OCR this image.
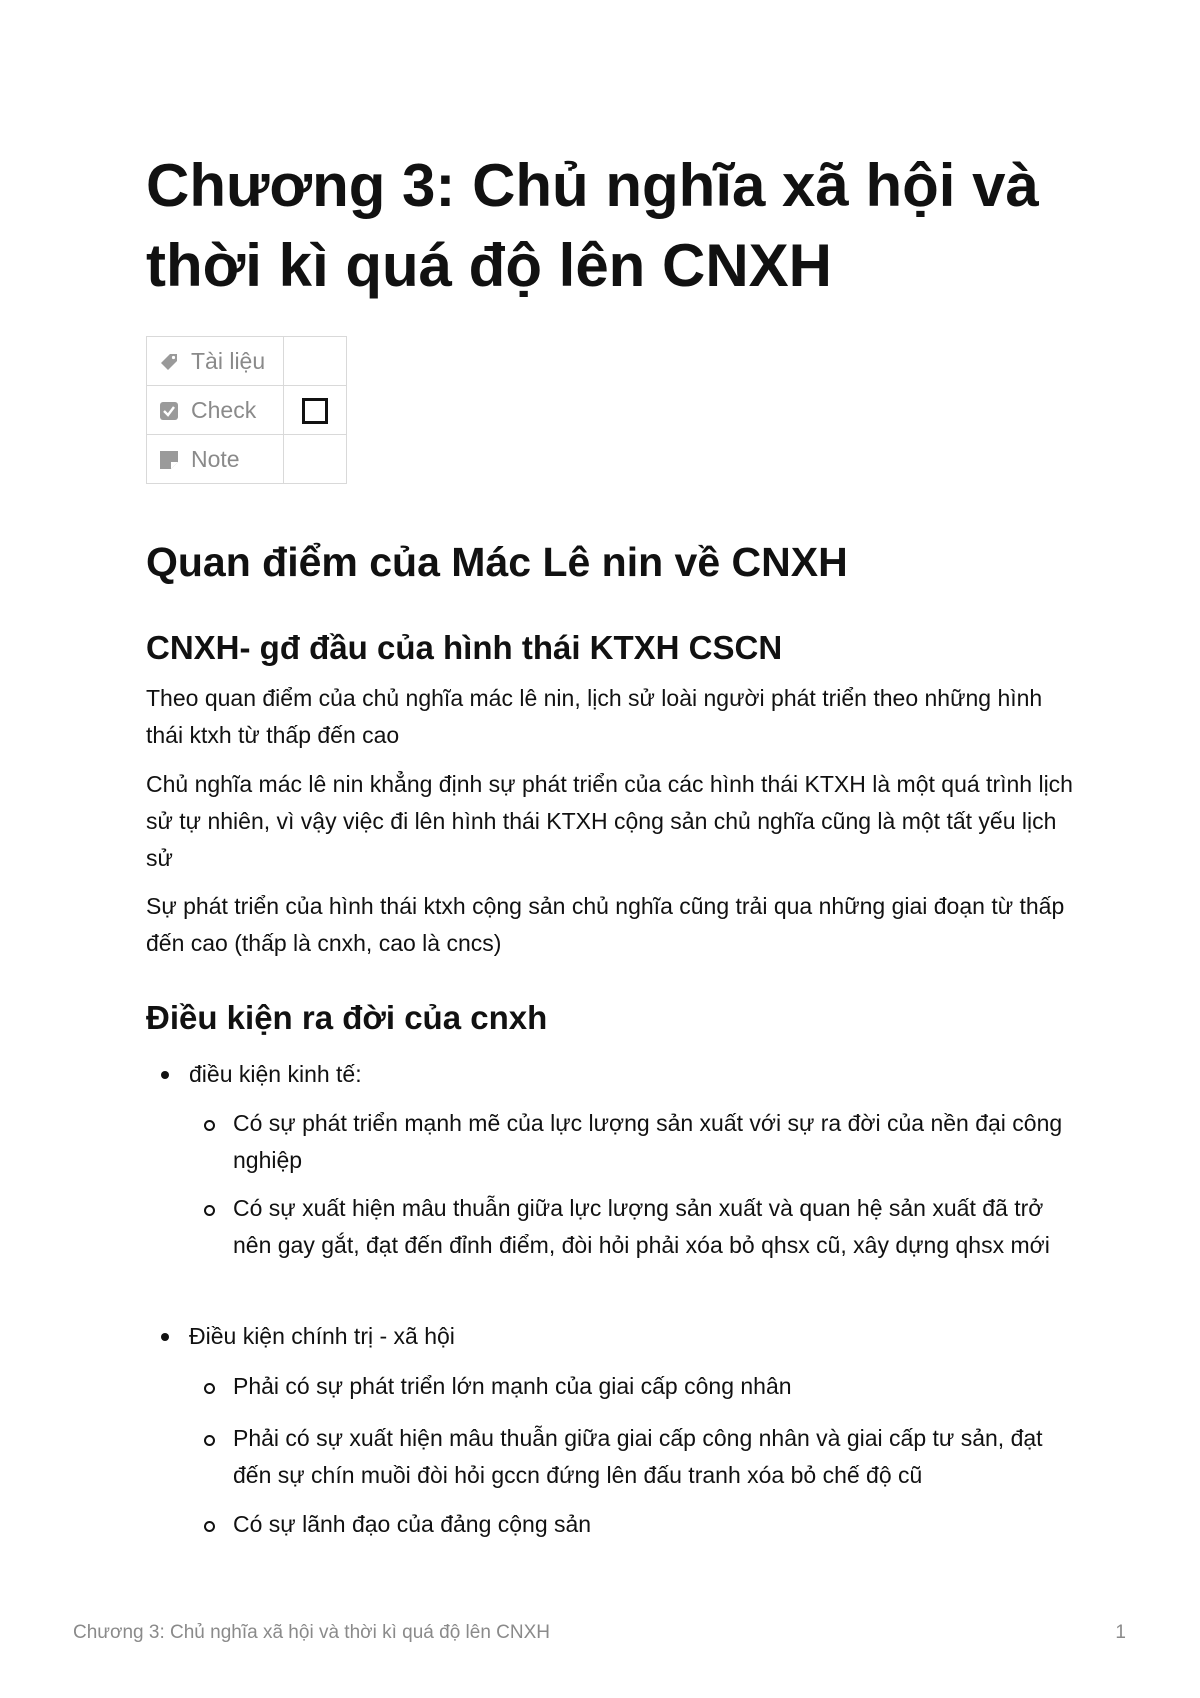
Chương 3: Chủ nghĩa xã hội và thời kì quá độ lên CNXH
Tài liệu	
Check	
Note	
Quan điểm của Mác Lê nin về CNXH
CNXH- gđ đầu của hình thái KTXH CSCN

Theo quan điểm của chủ nghĩa mác lê nin, lịch sử loài người phát triển theo những hình thái ktxh từ thấp đến cao

Chủ nghĩa mác lê nin khẳng định sự phát triển của các hình thái KTXH là một quá trình lịch sử tự nhiên, vì vậy việc đi lên hình thái KTXH cộng sản chủ nghĩa cũng là một tất yếu lịch sử

Sự phát triển của hình thái ktxh cộng sản chủ nghĩa cũng trải qua những giai đoạn từ thấp đến cao (thấp là cnxh, cao là cncs)

Điều kiện ra đời của cnxh

điều kiện kinh tế:

Có sự phát triển mạnh mẽ của lực lượng sản xuất với sự ra đời của nền đại công nghiệp

Có sự xuất hiện mâu thuẫn giữa lực lượng sản xuất và quan hệ sản xuất đã trở nên gay gắt, đạt đến đỉnh điểm, đòi hỏi phải xóa bỏ qhsx cũ, xây dựng qhsx mới

Điều kiện chính trị - xã hội

Phải có sự phát triển lớn mạnh của giai cấp công nhân

Phải có sự xuất hiện mâu thuẫn giữa giai cấp công nhân và giai cấp tư sản, đạt đến sự chín muồi đòi hỏi gccn đứng lên đấu tranh xóa bỏ chế độ cũ

Có sự lãnh đạo của đảng cộng sản

Chương 3: Chủ nghĩa xã hội và thời kì quá độ lên CNXH	1
